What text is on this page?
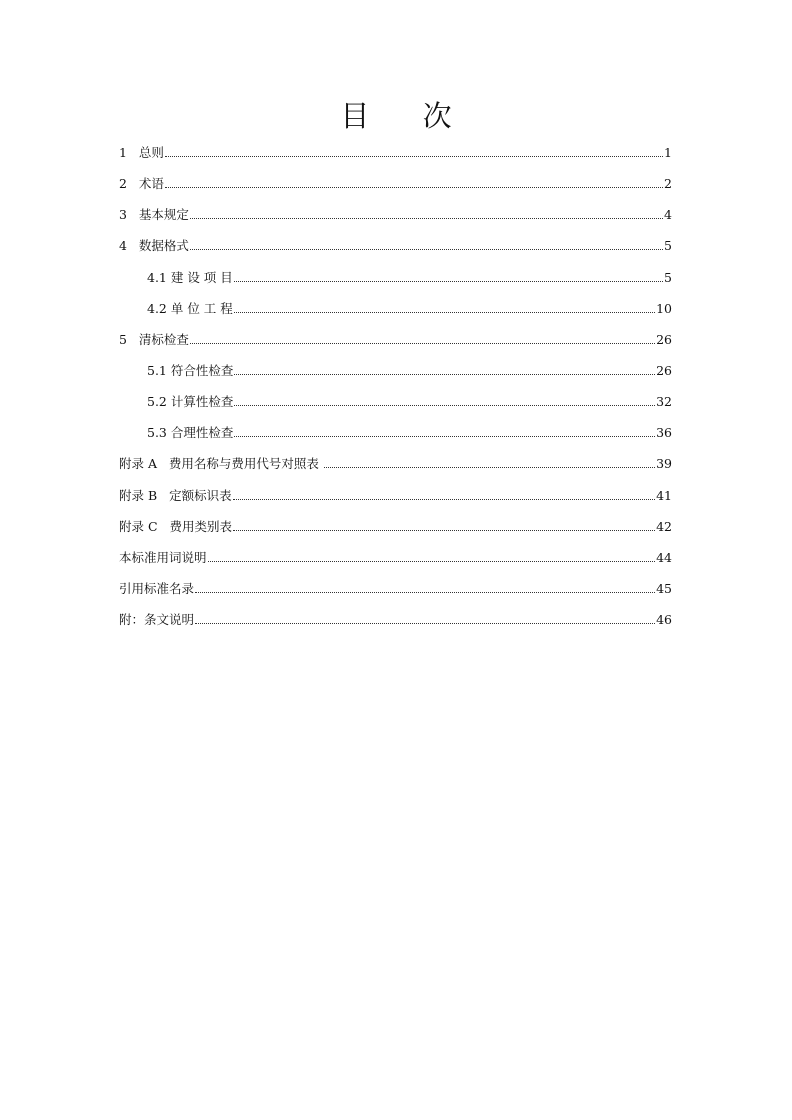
目 次
1 总则	1
2 术语	2
3 基本规定	4
4 数据格式	5
4.1 建 设 项 目	5
4.2 单 位 工 程	10
5 清标检查	26
5.1 符合性检查	26
5.2 计算性检查	32
5.3 合理性检查	36
附录 A 费用名称与费用代号对照表	39
附录 B 定额标识表	41
附录 C 费用类别表	42
本标准用词说明	44
引用标准名录	45
附：条文说明	46
